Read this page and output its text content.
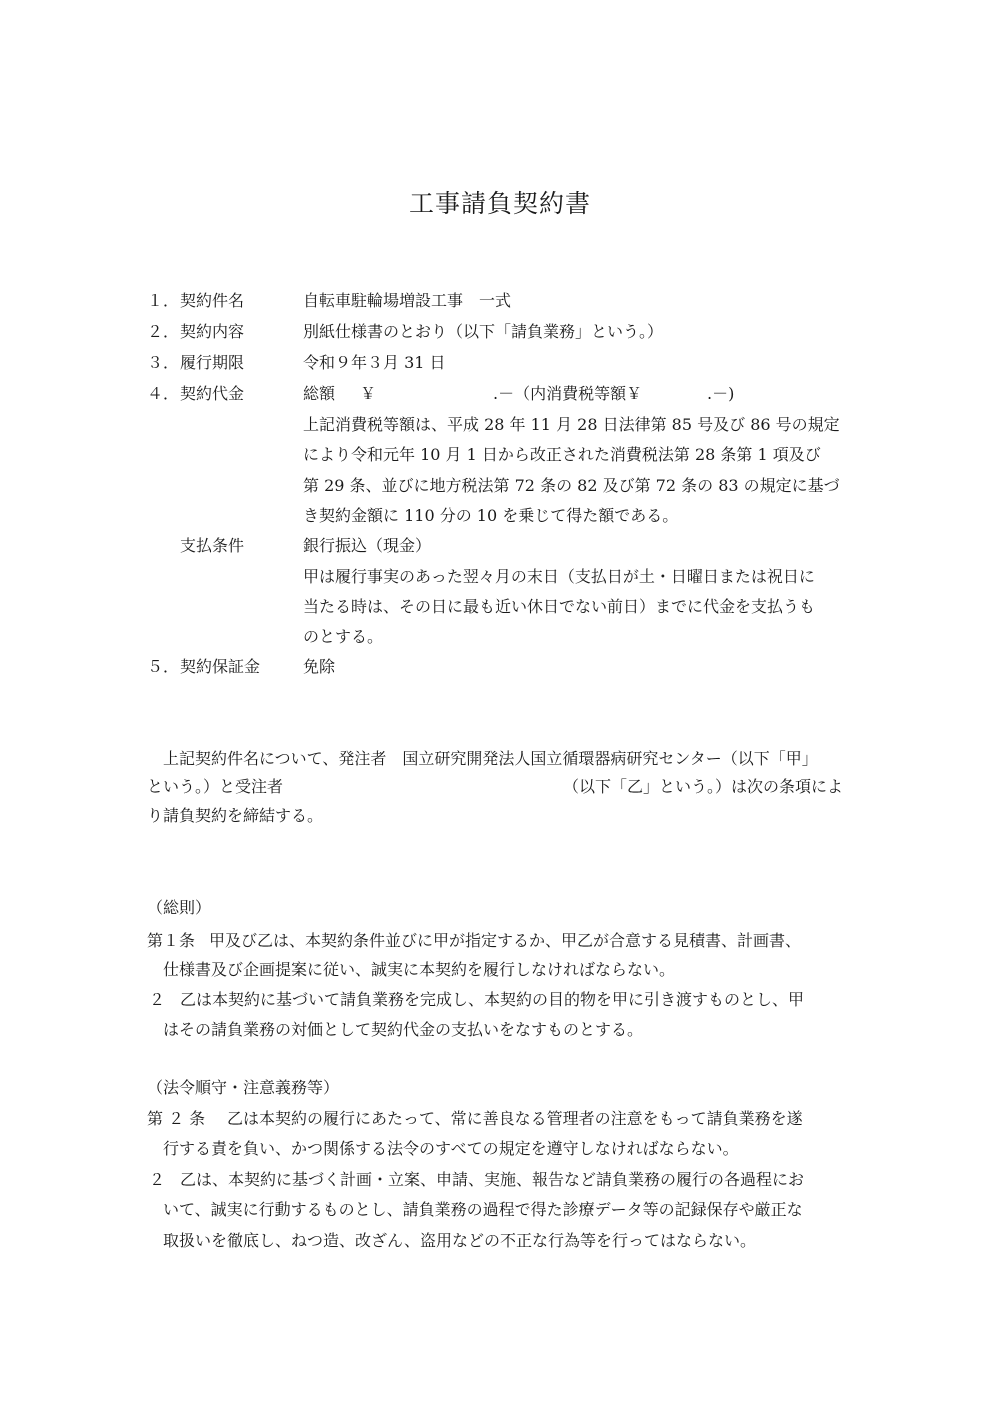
工事請負契約書
１． 契約件名	自転車駐輪場増設工事　一式
２． 契約内容	別紙仕様書のとおり（以下「請負業務」という。）
３． 履行期限	令和９年３月 31 日
４． 契約代金	総額 ￥	.－（内消費税等額￥	.－)
上記消費税等額は、平成 28 年 11 月 28 日法律第 85 号及び 86 号の規定
により令和元年 10 月 1 日から改正された消費税法第 28 条第 1 項及び
第 29 条、並びに地方税法第 72 条の 82 及び第 72 条の 83 の規定に基づ
き契約金額に 110 分の 10 を乗じて得た額である。
支払条件	銀行振込（現金）
甲は履行事実のあった翌々月の末日（支払日が土・日曜日または祝日に
当たる時は、その日に最も近い休日でない前日）までに代金を支払うも
のとする。
５． 契約保証金	免除
上記契約件名について、発注者　国立研究開発法人国立循環器病研究センター（以下「甲」
という。）と受注者	（以下「乙」という。）は次の条項によ
り請負契約を締結する。
（総則）
第１条 甲及び乙は、本契約条件並びに甲が指定するか、甲乙が合意する見積書、計画書、
仕様書及び企画提案に従い、誠実に本契約を履行しなければならない。
２ 乙は本契約に基づいて請負業務を完成し、本契約の目的物を甲に引き渡すものとし、甲
はその請負業務の対価として契約代金の支払いをなすものとする。
（法令順守・注意義務等）
第 ２ 条 乙は本契約の履行にあたって、常に善良なる管理者の注意をもって請負業務を遂
行する責を負い、かつ関係する法令のすべての規定を遵守しなければならない。
２ 乙は、本契約に基づく計画・立案、申請、実施、報告など請負業務の履行の各過程にお
いて、誠実に行動するものとし、請負業務の過程で得た診療データ等の記録保存や厳正な
取扱いを徹底し、ねつ造、改ざん、盗用などの不正な行為等を行ってはならない。
